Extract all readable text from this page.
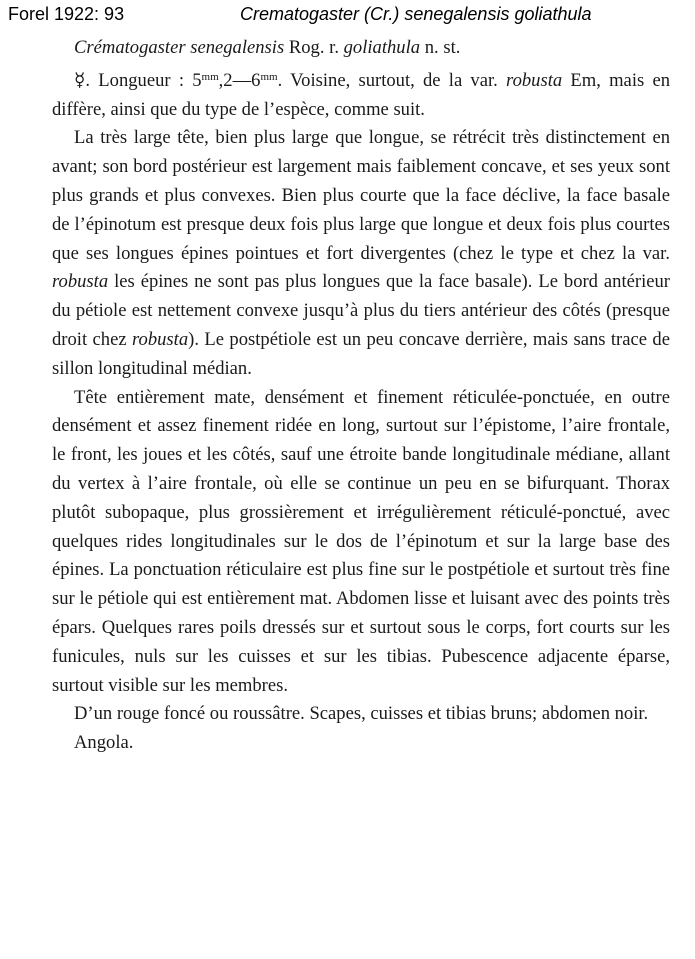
Forel 1922: 93	Crematogaster (Cr.) senegalensis goliathula

Crématogaster senegalensis Rog. r. goliathula n. st.

☿. Longueur : $5^{mm},2—6^{mm}$. Voisine, surtout, de la var. robusta Em, mais en diffère, ainsi que du type de l’espèce, comme suit.

La très large tête, bien plus large que longue, se rétrécit très distinctement en avant; son bord postérieur est largement mais faiblement concave, et ses yeux sont plus grands et plus convexes. Bien plus courte que la face déclive, la face basale de l’épinotum est presque deux fois plus large que longue et deux fois plus courtes que ses longues épines pointues et fort divergentes (chez le type et chez la var. robusta les épines ne sont pas plus longues que la face basale). Le bord antérieur du pétiole est nettement convexe jusqu’à plus du tiers antérieur des côtés (presque droit chez robusta). Le postpétiole est un peu concave derrière, mais sans trace de sillon longitudinal médian.

Tête entièrement mate, densément et finement réticulée-ponctuée, en outre densément et assez finement ridée en long, surtout sur l’épistome, l’aire frontale, le front, les joues et les côtés, sauf une étroite bande longitudinale médiane, allant du vertex à l’aire frontale, où elle se continue un peu en se bifurquant. Thorax plutôt subopaque, plus grossièrement et irrégulièrement réticulé-ponctué, avec quelques rides longitudinales sur le dos de l’épinotum et sur la large base des épines. La ponctuation réticulaire est plus fine sur le postpétiole et surtout très fine sur le pétiole qui est entièrement mat. Abdomen lisse et luisant avec des points très épars. Quelques rares poils dressés sur et surtout sous le corps, fort courts sur les funicules, nuls sur les cuisses et sur les tibias. Pubescence adjacente éparse, surtout visible sur les membres.

D’un rouge foncé ou roussâtre. Scapes, cuisses et tibias bruns; abdomen noir.

Angola.
